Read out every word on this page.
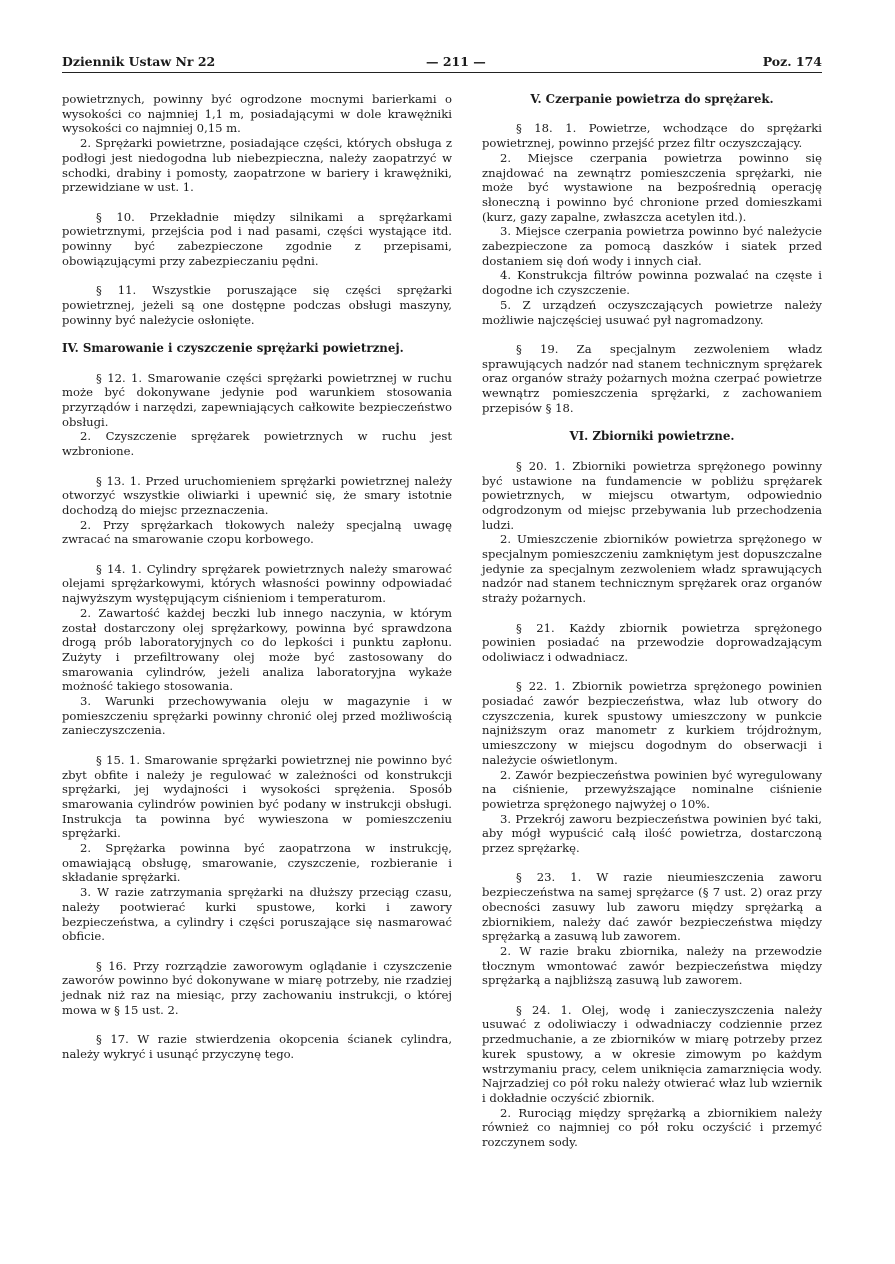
Dziennik Ustaw Nr 22	— 211 —	Poz. 174

powietrznych, powinny być ogrodzone mocnymi barierkami o wysokości co najmniej 1,1 m, posiadającymi w dole krawężniki wysokości co najmniej 0,15 m.

2. Sprężarki powietrzne, posiadające części, których obsługa z podłogi jest niedogodna lub niebezpieczna, należy zaopatrzyć w schodki, drabiny i pomosty, zaopatrzone w bariery i krawężniki, przewidziane w ust. 1.

§ 10. Przekładnie między silnikami a sprężarkami powietrznymi, przejścia pod i nad pasami, części wystające itd. powinny być zabezpieczone zgodnie z przepisami, obowiązującymi przy zabezpieczaniu pędni.

§ 11. Wszystkie poruszające się części sprężarki powietrznej, jeżeli są one dostępne podczas obsługi maszyny, powinny być należycie osłonięte.

IV. Smarowanie i czyszczenie sprężarki powietrznej.

§ 12. 1. Smarowanie części sprężarki powietrznej w ruchu może być dokonywane jedynie pod warunkiem stosowania przyrządów i narzędzi, zapewniających całkowite bezpieczeństwo obsługi.

2. Czyszczenie sprężarek powietrznych w ruchu jest wzbronione.

§ 13. 1. Przed uruchomieniem sprężarki powietrznej należy otworzyć wszystkie oliwiarki i upewnić się, że smary istotnie dochodzą do miejsc przeznaczenia.

2. Przy sprężarkach tłokowych należy specjalną uwagę zwracać na smarowanie czopu korbowego.

§ 14. 1. Cylindry sprężarek powietrznych należy smarować olejami sprężarkowymi, których własności powinny odpowiadać najwyższym występującym ciśnieniom i temperaturom.

2. Zawartość każdej beczki lub innego naczynia, w którym został dostarczony olej sprężarkowy, powinna być sprawdzona drogą prób laboratoryjnych co do lepkości i punktu zapłonu. Zużyty i przefiltrowany olej może być zastosowany do smarowania cylindrów, jeżeli analiza laboratoryjna wykaże możność takiego stosowania.

3. Warunki przechowywania oleju w magazynie i w pomieszczeniu sprężarki powinny chronić olej przed możliwością zanieczyszczenia.

§ 15. 1. Smarowanie sprężarki powietrznej nie powinno być zbyt obfite i należy je regulować w zależności od konstrukcji sprężarki, jej wydajności i wysokości sprężenia. Sposób smarowania cylindrów powinien być podany w instrukcji obsługi. Instrukcja ta powinna być wywieszona w pomieszczeniu sprężarki.

2. Sprężarka powinna być zaopatrzona w instrukcję, omawiającą obsługę, smarowanie, czyszczenie, rozbieranie i składanie sprężarki.

3. W razie zatrzymania sprężarki na dłuższy przeciąg czasu, należy pootwierać kurki spustowe, korki i zawory bezpieczeństwa, a cylindry i części poruszające się nasmarować obficie.

§ 16. Przy rozrządzie zaworowym oglądanie i czyszczenie zaworów powinno być dokonywane w miarę potrzeby, nie rzadziej jednak niż raz na miesiąc, przy zachowaniu instrukcji, o której mowa w § 15 ust. 2.

§ 17. W razie stwierdzenia okopcenia ścianek cylindra, należy wykryć i usunąć przyczynę tego.

V. Czerpanie powietrza do sprężarek.

§ 18. 1. Powietrze, wchodzące do sprężarki powietrznej, powinno przejść przez filtr oczyszczający.

2. Miejsce czerpania powietrza powinno się znajdować na zewnątrz pomieszczenia sprężarki, nie może być wystawione na bezpośrednią operację słoneczną i powinno być chronione przed domieszkami (kurz, gazy zapalne, zwłaszcza acetylen itd.).

3. Miejsce czerpania powietrza powinno być należycie zabezpieczone za pomocą daszków i siatek przed dostaniem się doń wody i innych ciał.

4. Konstrukcja filtrów powinna pozwalać na częste i dogodne ich czyszczenie.

5. Z urządzeń oczyszczających powietrze należy możliwie najczęściej usuwać pył nagromadzony.

§ 19. Za specjalnym zezwoleniem władz sprawujących nadzór nad stanem technicznym sprężarek oraz organów straży pożarnych można czerpać powietrze wewnątrz pomieszczenia sprężarki, z zachowaniem przepisów § 18.

VI. Zbiorniki powietrzne.

§ 20. 1. Zbiorniki powietrza sprężonego powinny być ustawione na fundamencie w pobliżu sprężarek powietrznych, w miejscu otwartym, odpowiednio odgrodzonym od miejsc przebywania lub przechodzenia ludzi.

2. Umieszczenie zbiorników powietrza sprężonego w specjalnym pomieszczeniu zamkniętym jest dopuszczalne jedynie za specjalnym zezwoleniem władz sprawujących nadzór nad stanem technicznym sprężarek oraz organów straży pożarnych.

§ 21. Każdy zbiornik powietrza sprężonego powinien posiadać na przewodzie doprowadzającym odoliwiacz i odwadniacz.

§ 22. 1. Zbiornik powietrza sprężonego powinien posiadać zawór bezpieczeństwa, właz lub otwory do czyszczenia, kurek spustowy umieszczony w punkcie najniższym oraz manometr z kurkiem trójdrożnym, umieszczony w miejscu dogodnym do obserwacji i należycie oświetlonym.

2. Zawór bezpieczeństwa powinien być wyregulowany na ciśnienie, przewyższające nominalne ciśnienie powietrza sprężonego najwyżej o 10%.

3. Przekrój zaworu bezpieczeństwa powinien być taki, aby mógł wypuścić całą ilość powietrza, dostarczoną przez sprężarkę.

§ 23. 1. W razie nieumieszczenia zaworu bezpieczeństwa na samej sprężarce (§ 7 ust. 2) oraz przy obecności zasuwy lub zaworu między sprężarką a zbiornikiem, należy dać zawór bezpieczeństwa między sprężarką a zasuwą lub zaworem.

2. W razie braku zbiornika, należy na przewodzie tłocznym wmontować zawór bezpieczeństwa między sprężarką a najbliższą zasuwą lub zaworem.

§ 24. 1. Olej, wodę i zanieczyszczenia należy usuwać z odoliwiaczy i odwadniaczy codziennie przez przedmuchanie, a ze zbiorników w miarę potrzeby przez kurek spustowy, a w okresie zimowym po każdym wstrzymaniu pracy, celem uniknięcia zamarznięcia wody. Najrzadziej co pół roku należy otwierać właz lub wziernik i dokładnie oczyścić zbiornik.

2. Rurociąg między sprężarką a zbiornikiem należy również co najmniej co pół roku oczyścić i przemyć rozczynem sody.
